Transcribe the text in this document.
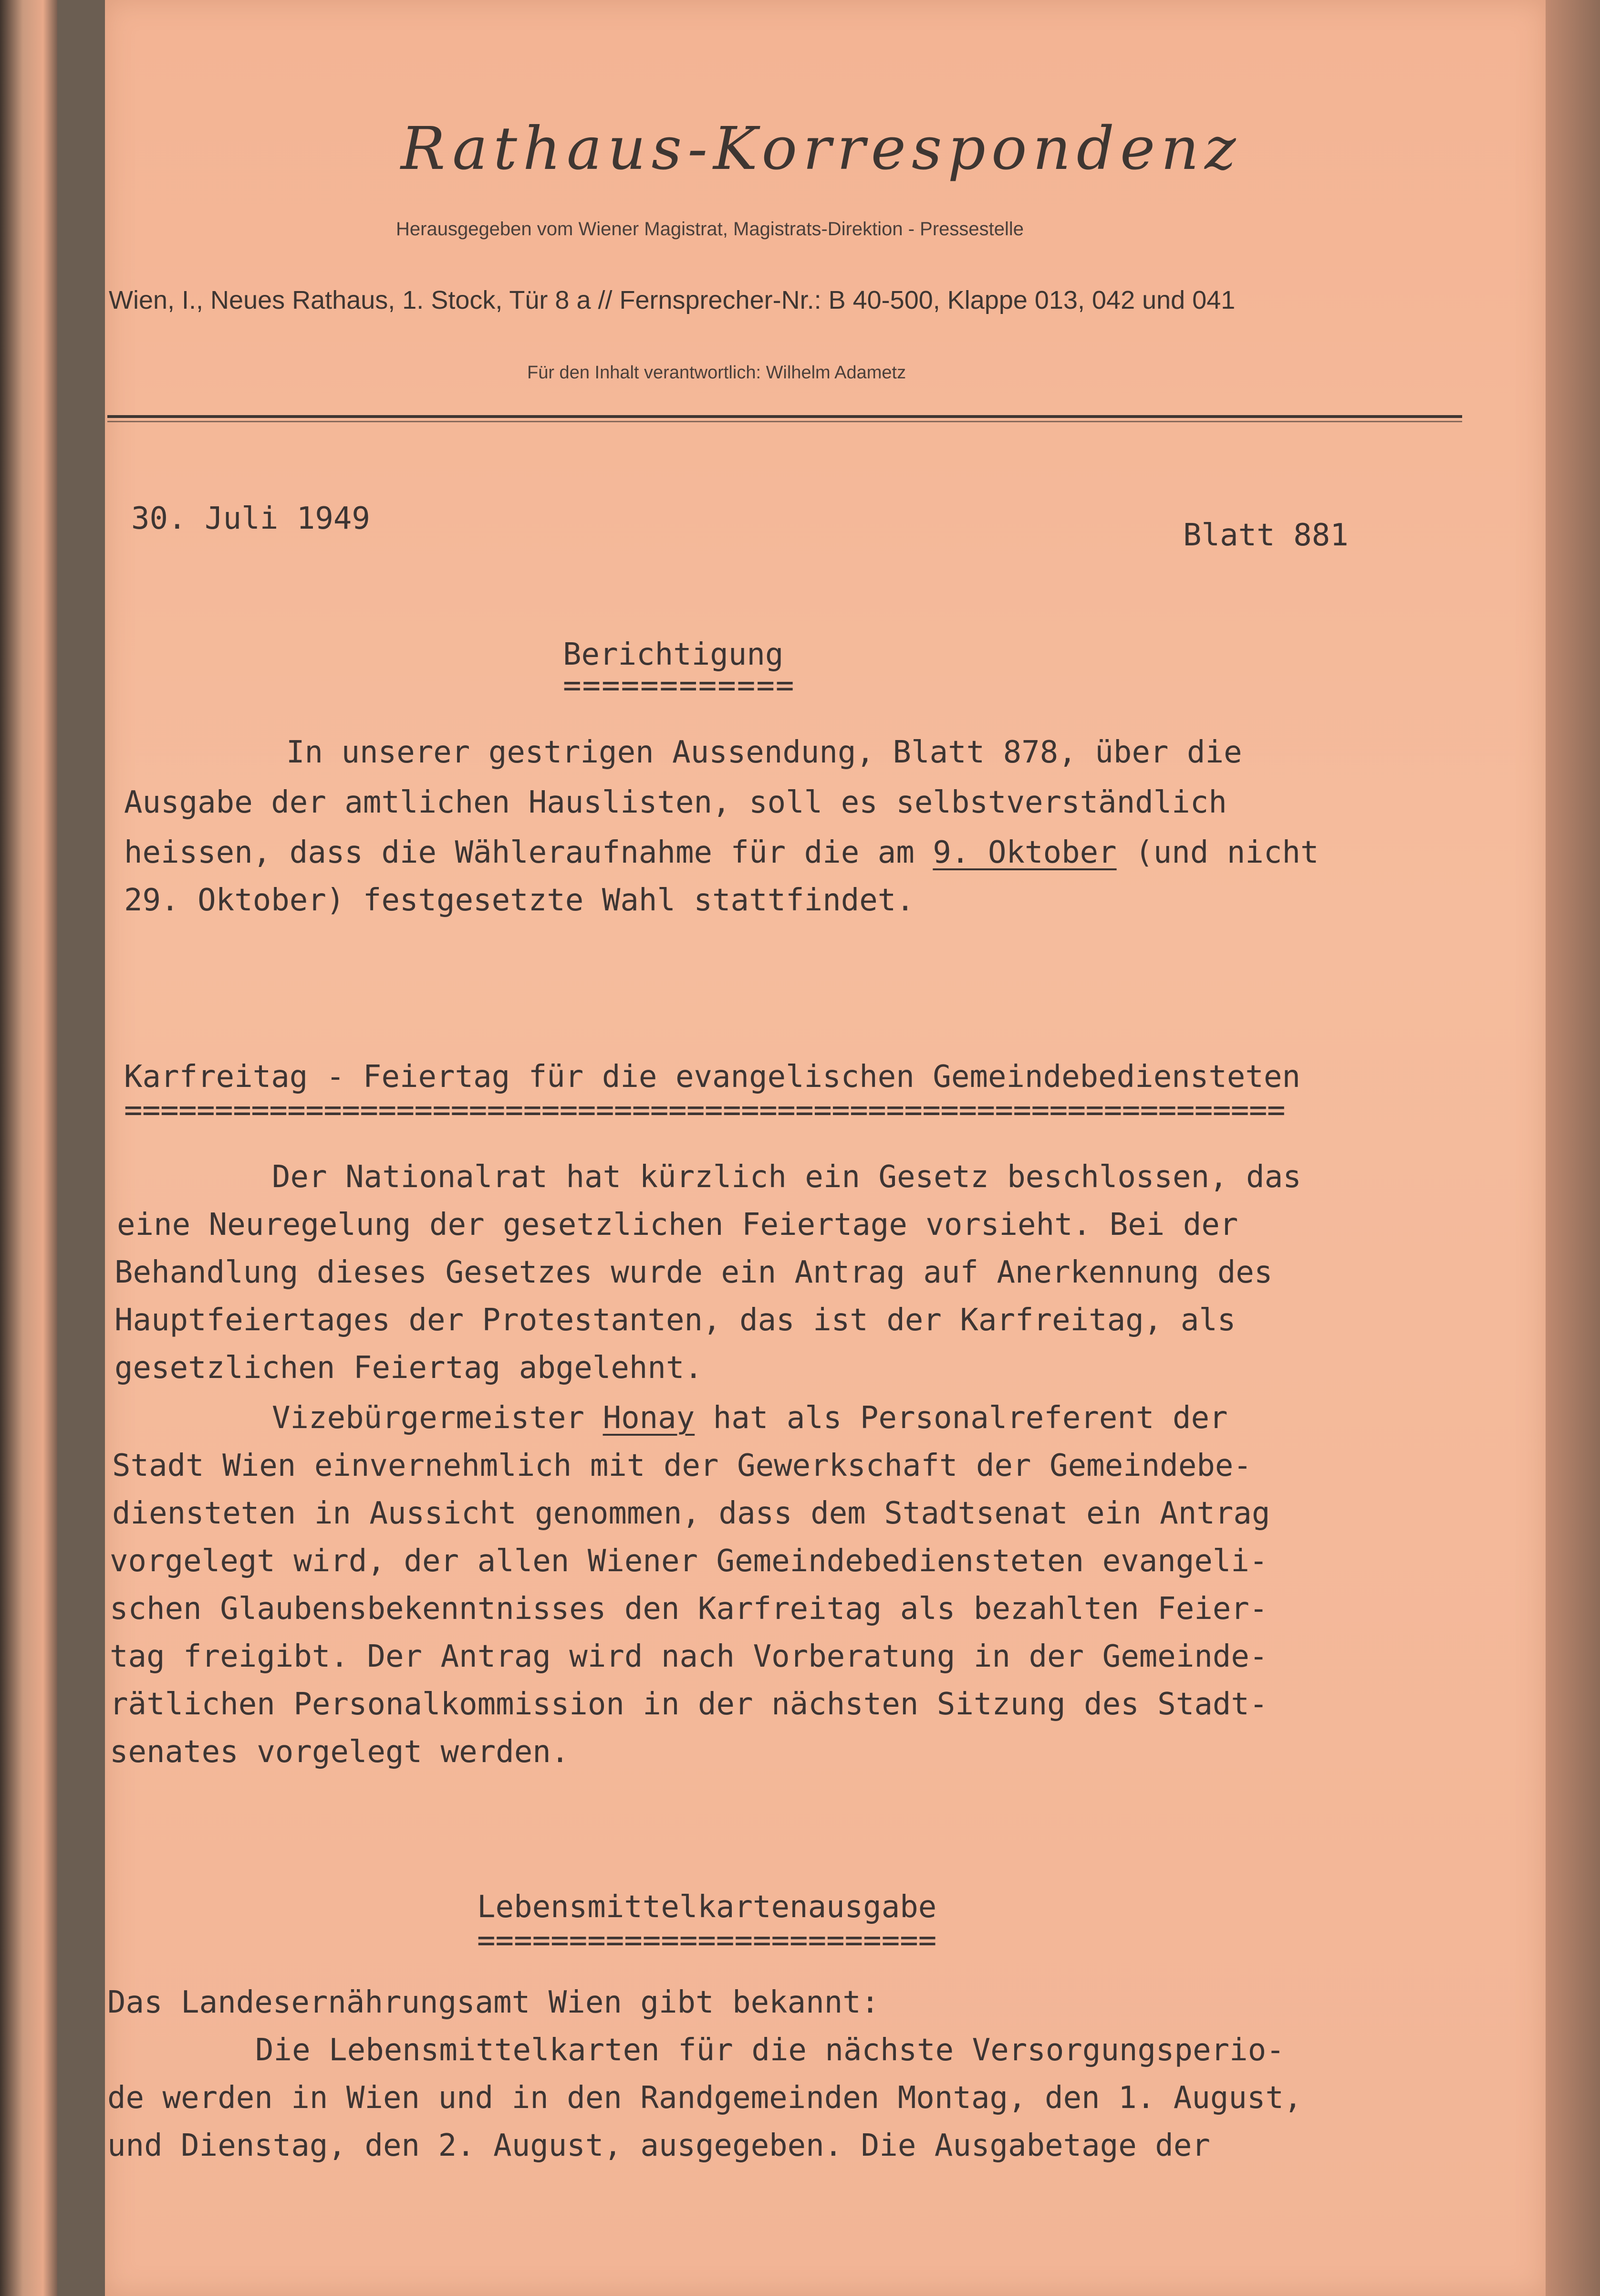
Rathaus-Korrespondenz
Herausgegeben vom Wiener Magistrat, Magistrats-Direktion - Pressestelle
Wien, I., Neues Rathaus, 1. Stock, Tür 8 a // Fernsprecher-Nr.: B 40-500, Klappe 013, 042 und 041
Für den Inhalt verantwortlich: Wilhelm Adametz
30. Juli 1949	Blatt 881
Berichtigung
============
In unserer gestrigen Aussendung, Blatt 878, über die
Ausgabe der amtlichen Hauslisten, soll es selbstverständlich
heissen, dass die Wähleraufnahme für die am 9. Oktober (und nicht
29. Oktober) festgesetzte Wahl stattfindet.
Karfreitag - Feiertag für die evangelischen Gemeindebediensteten
================================================================
Der Nationalrat hat kürzlich ein Gesetz beschlossen, das
eine Neuregelung der gesetzlichen Feiertage vorsieht. Bei der
Behandlung dieses Gesetzes wurde ein Antrag auf Anerkennung des
Hauptfeiertages der Protestanten, das ist der Karfreitag, als
gesetzlichen Feiertag abgelehnt.
Vizebürgermeister Honay hat als Personalreferent der
Stadt Wien einvernehmlich mit der Gewerkschaft der Gemeindebe-
diensteten in Aussicht genommen, dass dem Stadtsenat ein Antrag
vorgelegt wird, der allen Wiener Gemeindebediensteten evangeli-
schen Glaubensbekenntnisses den Karfreitag als bezahlten Feier-
tag freigibt. Der Antrag wird nach Vorberatung in der Gemeinde-
rätlichen Personalkommission in der nächsten Sitzung des Stadt-
senates vorgelegt werden.
Lebensmittelkartenausgabe
=========================
Das Landesernährungsamt Wien gibt bekannt:
Die Lebensmittelkarten für die nächste Versorgungsperio-
de werden in Wien und in den Randgemeinden Montag, den 1. August,
und Dienstag, den 2. August, ausgegeben. Die Ausgabetage der
